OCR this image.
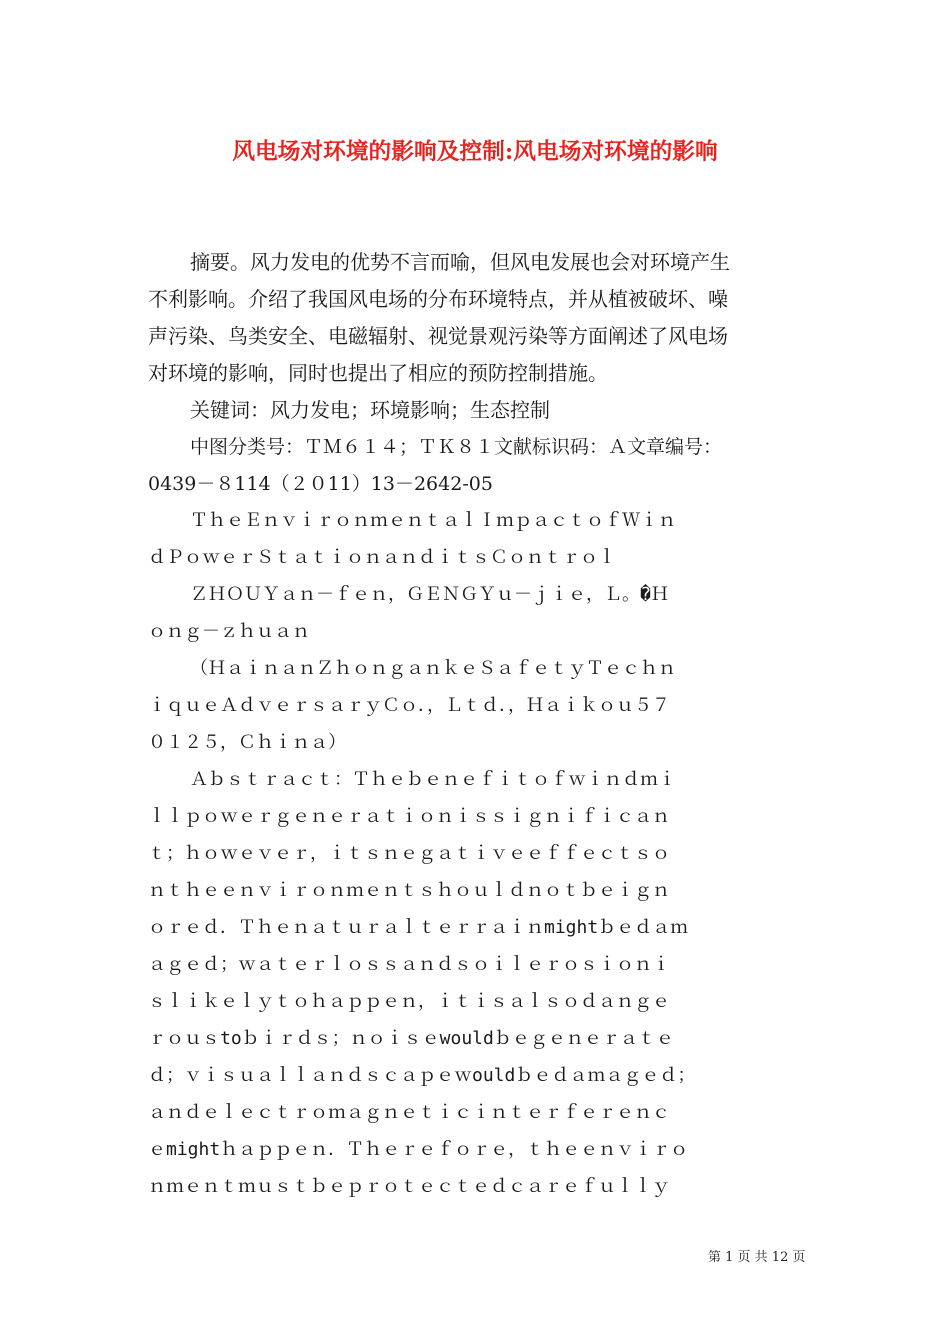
风电场对环境的影响及控制:风电场对环境的影响
摘要。风力发电的优势不言而喻，但风电发展也会对环境产生
不利影响。介绍了我国风电场的分布环境特点，并从植被破坏、噪
声污染、鸟类安全、电磁辐射、视觉景观污染等方面阐述了风电场
对环境的影响，同时也提出了相应的预防控制措施。
关键词：风力发电；环境影响；生态控制
中图分类号：ＴＭ６１４；ＴＫ８１文献标识码：Ａ文章编号：
0439－８114（２０11）13－2642-05
ＴｈｅＥｎｖｉｒｏｎｍｅｎｔａｌＩｍｐａｃｔｏｆＷｉｎ
ｄＰｏｗｅｒＳｔａｔｉｏｎａｎｄｉｔｓＣｏｎｔｒｏｌ
ＺＨＯＵＹａｎ－ｆｅｎ，ＧＥＮＧＹｕ－ｊｉｅ，Ｌ。�Ｈ
ｏｎｇ－ｚｈｕａｎ
（ＨａｉｎａｎＺｈｏｎｇａｎｋｅＳａｆｅｔｙＴｅｃｈｎ
ｉｑｕｅＡｄｖｅｒｓａｒｙＣｏ．，Ｌｔｄ．，Ｈａｉｋｏｕ５７
０１２５，Ｃｈｉｎａ）
Ａｂｓｔｒａｃｔ：Ｔｈｅｂｅｎｅｆｉｔｏｆｗｉｎｄｍｉ
ｌｌｐｏｗｅｒｇｅｎｅｒａｔｉｏｎｉｓｓｉｇｎｉｆｉｃａｎ
ｔ；ｈｏｗｅｖｅｒ，ｉｔｓｎｅｇａｔｉｖｅｅｆｆｅｃｔｓｏ
ｎｔｈｅｅｎｖｉｒｏｎｍｅｎｔｓｈｏｕｌｄｎｏｔｂｅｉｇｎ
ｏｒｅｄ．Ｔｈｅｎａｔｕｒａｌｔｅｒｒａｉｎmightｂｅｄａｍ
ａｇｅｄ；ｗａｔｅｒｌｏｓｓａｎｄｓｏｉｌｅｒｏｓｉｏｎｉ
ｓｌｉｋｅｌｙｔｏｈａｐｐｅｎ，ｉｔｉｓａｌｓｏｄａｎｇｅ
ｒｏｕｓtoｂｉｒｄｓ；ｎｏｉｓｅwouldｂｅｇｅｎｅｒａｔｅ
ｄ；ｖｉｓｕａｌｌａｎｄｓｃａｐｅｗouldｂｅｄａｍａｇｅｄ；
ａｎｄｅｌｅｃｔｒｏｍａｇｎｅｔｉｃｉｎｔｅｒｆｅｒｅｎｃ
ｅmightｈａｐｐｅｎ．Ｔｈｅｒｅｆｏｒｅ，ｔｈｅｅｎｖｉｒｏ
ｎｍｅｎｔｍｕｓｔｂｅｐｒｏｔｅｃｔｅｄｃａｒｅｆｕｌｌｙ
第 1 页 共 12 页
